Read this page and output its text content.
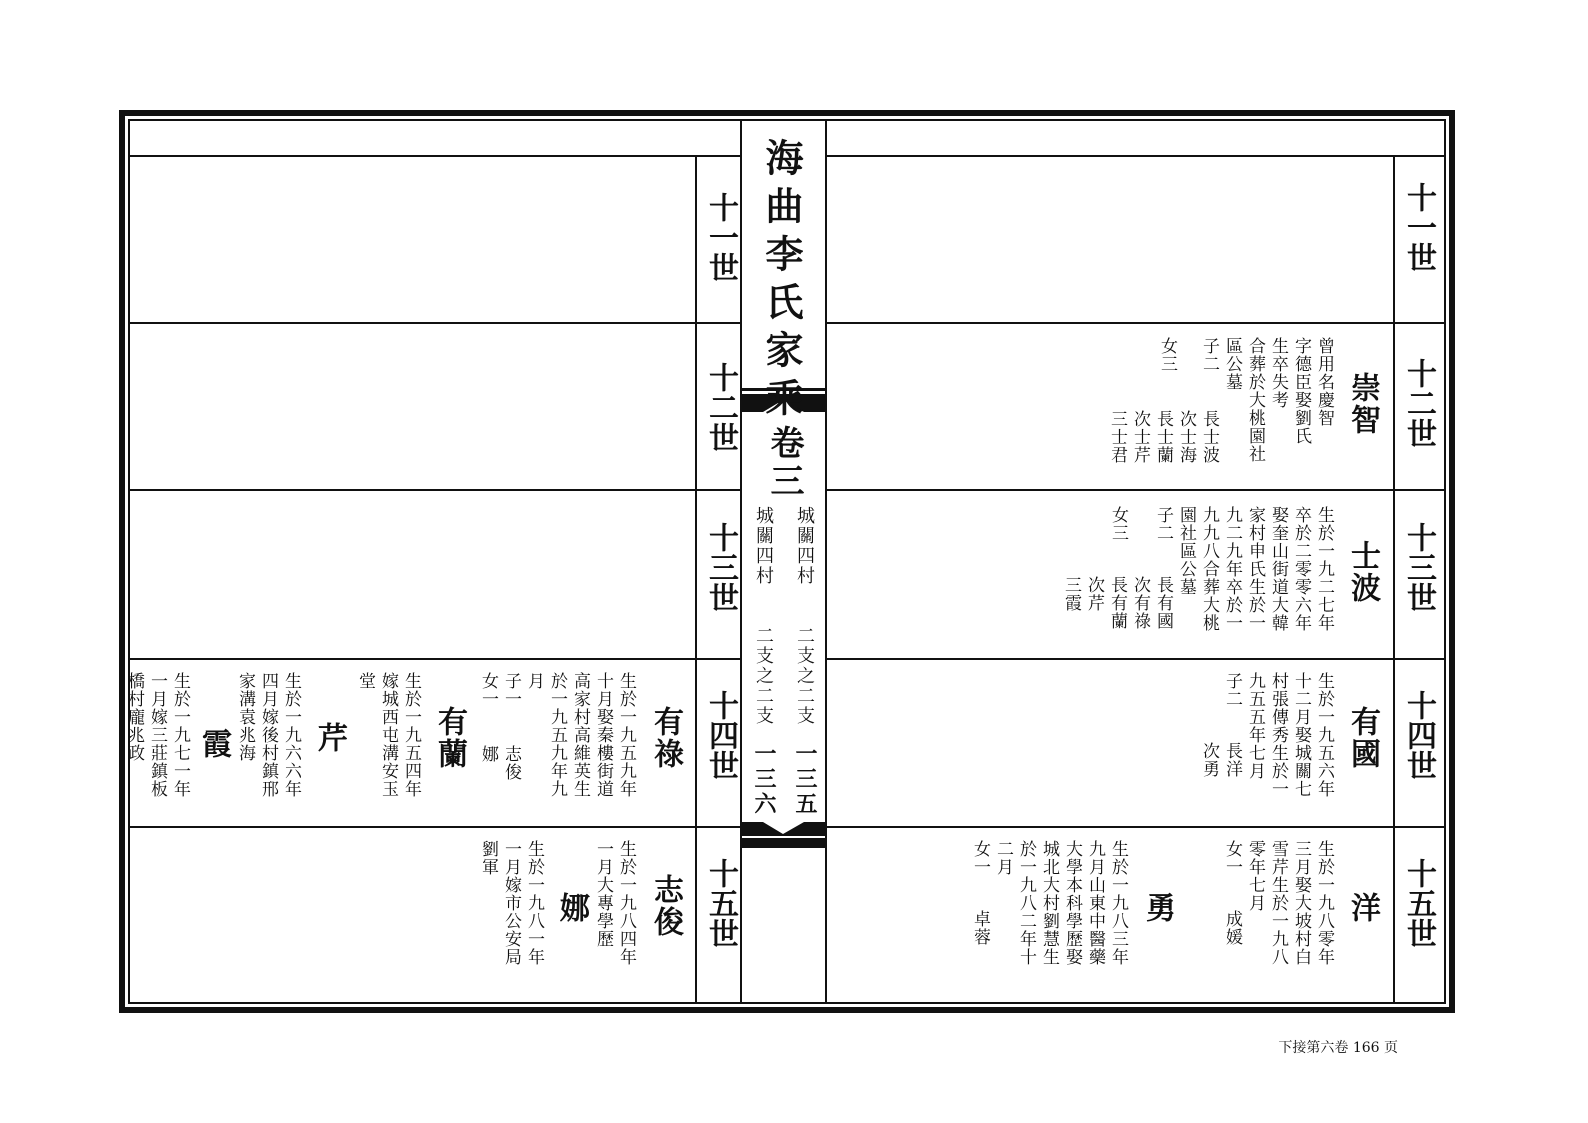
海曲李氏家乘
卷三
城關四村
二支之二支
一三五
城關四村
二支之二支
一三六
十一世
十二世
十三世
十四世
十五世
十一世
十二世
十三世
十四世
十五世
崇智
曾用名慶智
字德臣娶劉氏
生卒失考
合葬於大桃園社
區公墓
子二
女三
長士波
次士海
長士蘭
次士芹
三士君
士波
生於一九二七年
卒於二零零六年
娶奎山街道大韓
家村申氏生於一
九二九年卒於一
九九八合葬大桃
園社區公墓
子二
女三
長有國
次有祿
長有蘭
次芹
三霞
有國
生於一九五六年
十二月娶城關七
村張傳秀生於一
九五五年七月
子二
長洋
次勇
洋
生於一九八零年
三月娶大坡村白
雪芹生於一九八
零年七月
女一
成媛
勇
生於一九八三年
九月山東中醫藥
大學本科學歷娶
城北大村劉慧生
於一九八二年十
二月
女一
卓蓉
有祿
生於一九五九年
十月娶秦樓街道
高家村高維英生
於一九五九年九
月
子一
女一
志俊
娜
有蘭
生於一九五四年
嫁城西屯溝安玉
堂
芹
生於一九六六年
四月嫁後村鎮邢
家溝袁兆海
霞
生於一九七一年
一月嫁三莊鎮板
橋村龐兆政
志俊
生於一九八四年
一月大專學歷
娜
生於一九八一年
一月嫁市公安局
劉軍
下接第六卷 166 页
